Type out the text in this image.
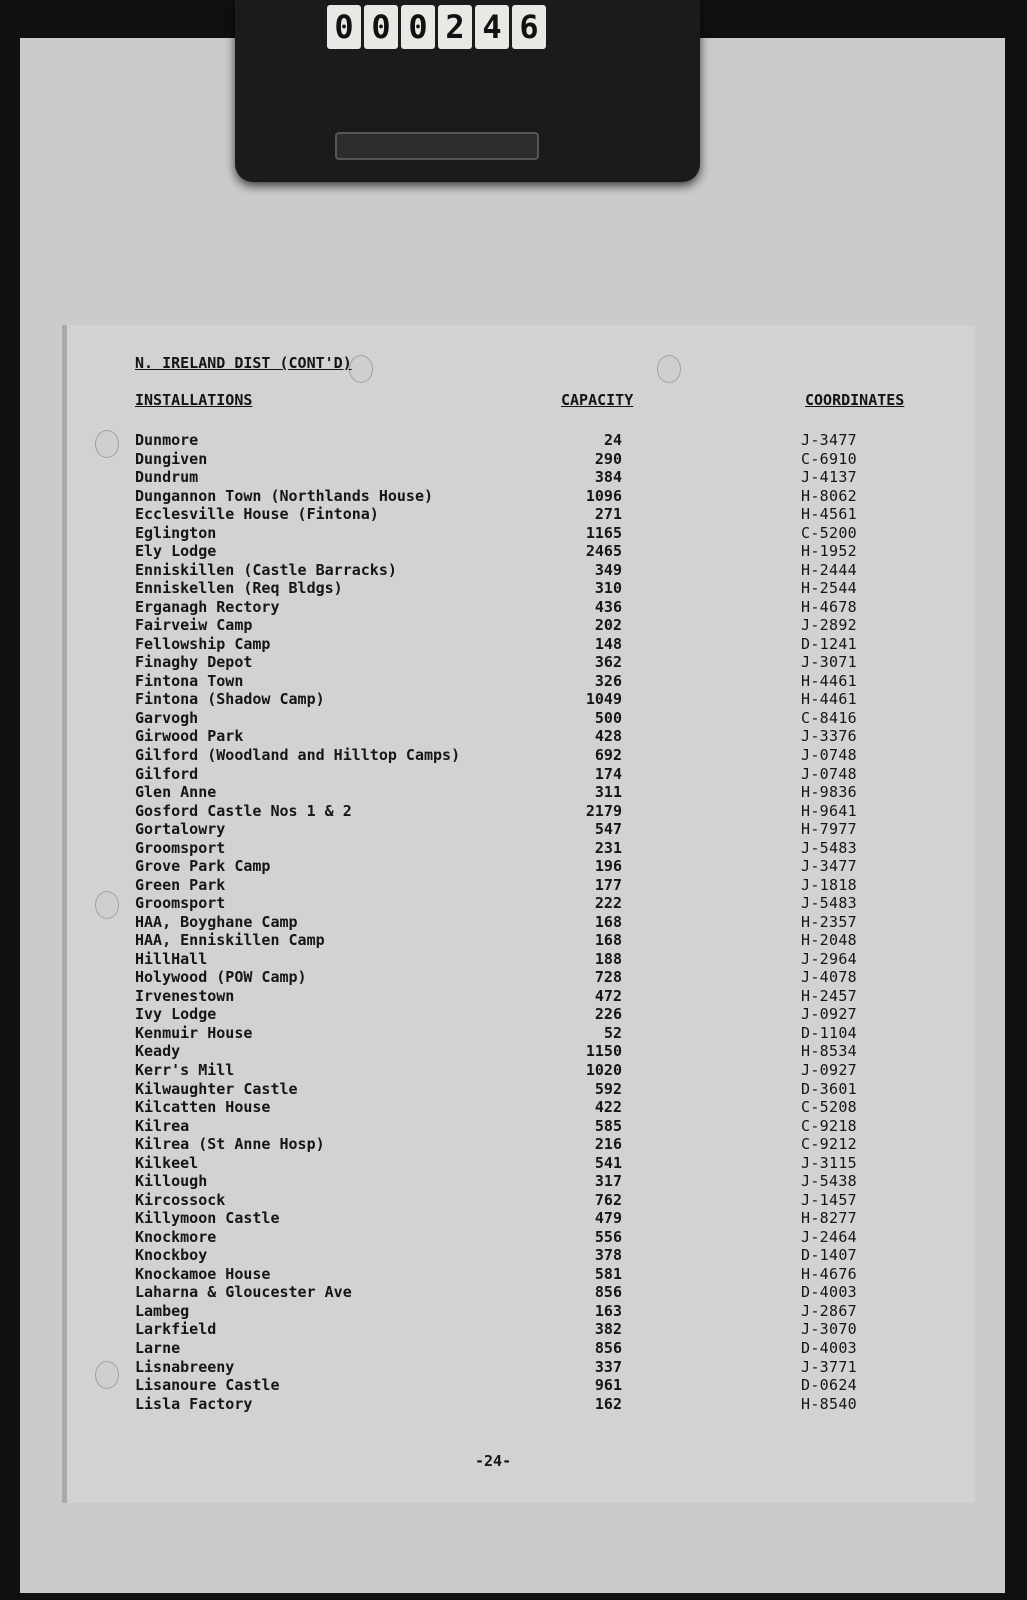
0 0 0 2 4 6
N. IRELAND DIST (CONT'D)
INSTALLATIONS	CAPACITY	COORDINATES
Dunmore	24	J-3477
Dungiven	290	C-6910
Dundrum	384	J-4137
Dungannon Town (Northlands House)	1096	H-8062
Ecclesville House (Fintona)	271	H-4561
Eglington	1165	C-5200
Ely Lodge	2465	H-1952
Enniskillen (Castle Barracks)	349	H-2444
Enniskellen (Req Bldgs)	310	H-2544
Erganagh Rectory	436	H-4678
Fairveiw Camp	202	J-2892
Fellowship Camp	148	D-1241
Finaghy Depot	362	J-3071
Fintona Town	326	H-4461
Fintona (Shadow Camp)	1049	H-4461
Garvogh	500	C-8416
Girwood Park	428	J-3376
Gilford (Woodland and Hilltop Camps)	692	J-0748
Gilford	174	J-0748
Glen Anne	311	H-9836
Gosford Castle Nos 1 & 2	2179	H-9641
Gortalowry	547	H-7977
Groomsport	231	J-5483
Grove Park Camp	196	J-3477
Green Park	177	J-1818
Groomsport	222	J-5483
HAA, Boyghane Camp	168	H-2357
HAA, Enniskillen Camp	168	H-2048
HillHall	188	J-2964
Holywood (POW Camp)	728	J-4078
Irvenestown	472	H-2457
Ivy Lodge	226	J-0927
Kenmuir House	52	D-1104
Keady	1150	H-8534
Kerr's Mill	1020	J-0927
Kilwaughter Castle	592	D-3601
Kilcatten House	422	C-5208
Kilrea	585	C-9218
Kilrea (St Anne Hosp)	216	C-9212
Kilkeel	541	J-3115
Killough	317	J-5438
Kircossock	762	J-1457
Killymoon Castle	479	H-8277
Knockmore	556	J-2464
Knockboy	378	D-1407
Knockamoe House	581	H-4676
Laharna & Gloucester Ave	856	D-4003
Lambeg	163	J-2867
Larkfield	382	J-3070
Larne	856	D-4003
Lisnabreeny	337	J-3771
Lisanoure Castle	961	D-0624
Lisla Factory	162	H-8540
-24-
